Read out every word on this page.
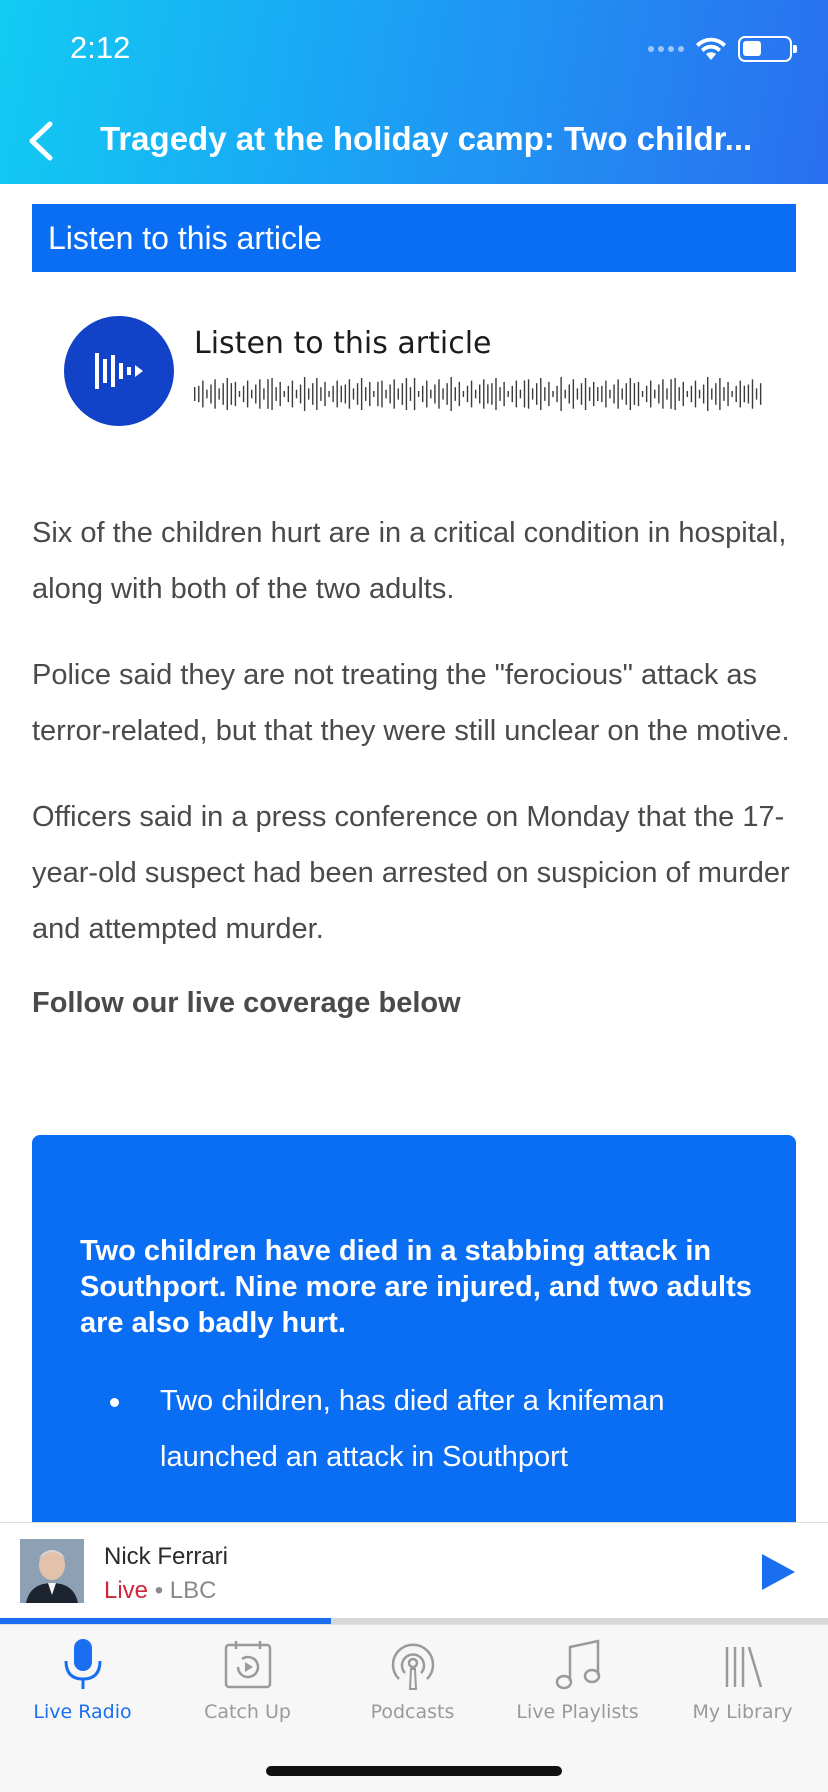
2:12
Tragedy at the holiday camp: Two childr...
Listen to this article
Listen to this article

Six of the children hurt are in a critical condition in hospital, along with both of the two adults.

Police said they are not treating the "ferocious" attack as terror-related, but that they were still unclear on the motive.

Officers said in a press conference on Monday that the 17-year-old suspect had been arrested on suspicion of murder and attempted murder.

Follow our live coverage below
Two children have died in a stabbing attack in Southport. Nine more are injured, and two adults are also badly hurt.
Two children, has died after a knifeman launched an attack in Southport
Nick Ferrari
Live • LBC
Live Radio	Catch Up	Podcasts	Live Playlists	My Library
